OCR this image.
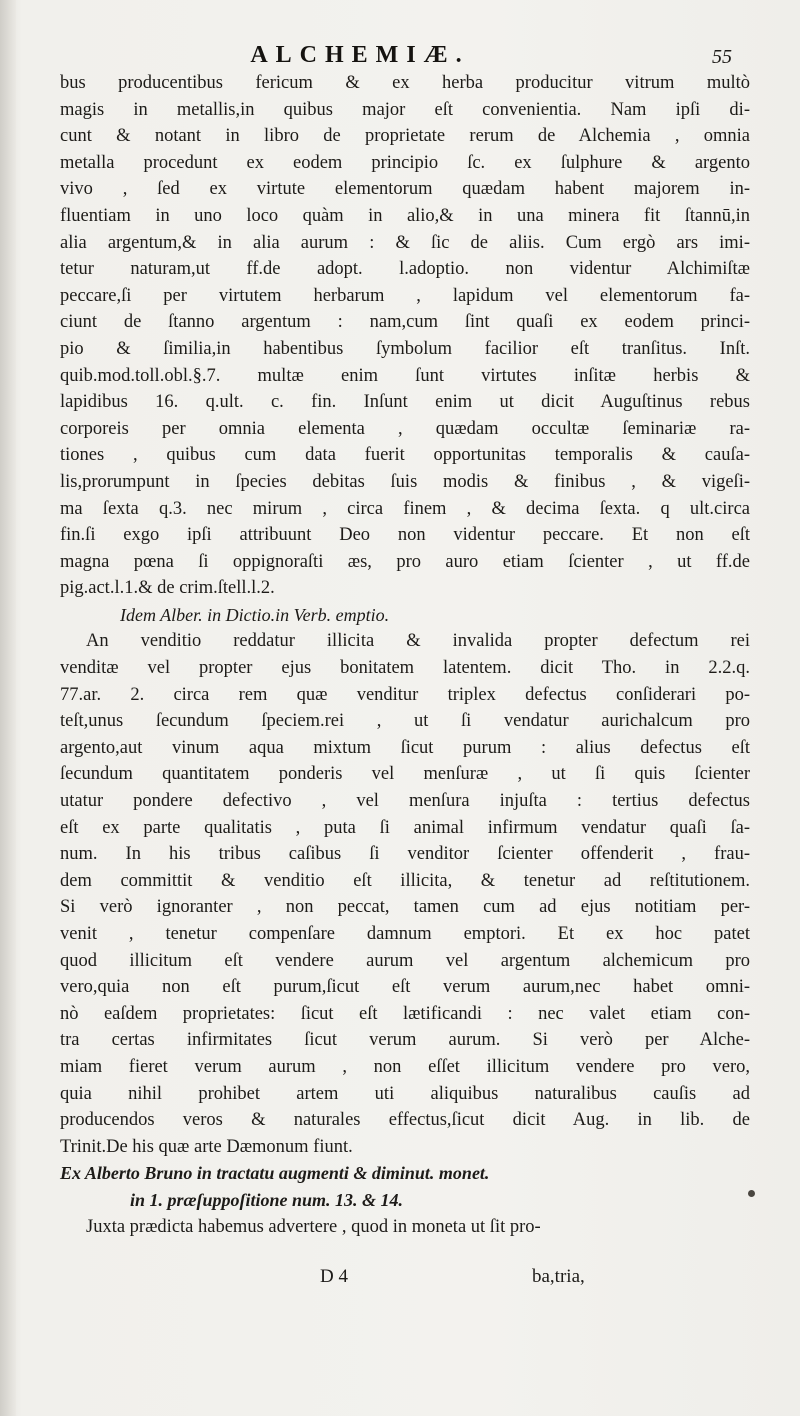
ALCHEMIÆ.	55
bus producentibus fericum & ex herba producitur vitrum multò
magis in metallis,in quibus major eſt convenientia. Nam ipſi di-
cunt & notant in libro de proprietate rerum de Alchemia , omnia
metalla procedunt ex eodem principio ſc. ex ſulphure & argento
vivo , ſed ex virtute elementorum quædam habent majorem in-
fluentiam in uno loco quàm in alio,& in una minera fit ſtannū,in
alia argentum,& in alia aurum : & ſic de aliis. Cum ergò ars imi-
tetur naturam,ut ff.de adopt. l.adoptio. non videntur Alchimiſtæ
peccare,ſi per virtutem herbarum , lapidum vel elementorum fa-
ciunt de ſtanno argentum : nam,cum ſint quaſi ex eodem princi-
pio & ſimilia,in habentibus ſymbolum facilior eſt tranſitus. Inſt.
quib.mod.toll.obl.§.7. multæ enim ſunt virtutes inſitæ herbis &
lapidibus 16. q.ult. c. fin. Inſunt enim ut dicit Auguſtinus rebus
corporeis per omnia elementa , quædam occultæ ſeminariæ ra-
tiones , quibus cum data fuerit opportunitas temporalis & cauſa-
lis,prorumpunt in ſpecies debitas ſuis modis & finibus , & vigeſi-
ma ſexta q.3. nec mirum , circa finem , & decima ſexta. q ult.circa
fin.ſi exgo ipſi attribuunt Deo non videntur peccare. Et non eſt
magna pœna ſi oppignoraſti æs, pro auro etiam ſcienter , ut ff.de
pig.act.l.1.& de crim.ſtell.l.2.
Idem Alber. in Dictio.in Verb. emptio.
An venditio reddatur illicita & invalida propter defectum rei
venditæ vel propter ejus bonitatem latentem. dicit Tho. in 2.2.q.
77.ar. 2. circa rem quæ venditur triplex defectus conſiderari po-
teſt,unus ſecundum ſpeciem.rei , ut ſi vendatur aurichalcum pro
argento,aut vinum aqua mixtum ſicut purum : alius defectus eſt
ſecundum quantitatem ponderis vel menſuræ , ut ſi quis ſcienter
utatur pondere defectivo , vel menſura injuſta : tertius defectus
eſt ex parte qualitatis , puta ſi animal infirmum vendatur quaſi ſa-
num. In his tribus caſibus ſi venditor ſcienter offenderit , frau-
dem committit & venditio eſt illicita, & tenetur ad reſtitutionem.
Si verò ignoranter , non peccat, tamen cum ad ejus notitiam per-
venit , tenetur compenſare damnum emptori. Et ex hoc patet
quod illicitum eſt vendere aurum vel argentum alchemicum pro
vero,quia non eſt purum,ſicut eſt verum aurum,nec habet omni-
nò eaſdem proprietates: ſicut eſt lætificandi : nec valet etiam con-
tra certas infirmitates ſicut verum aurum. Si verò per Alche-
miam fieret verum aurum , non eſſet illicitum vendere pro vero,
quia nihil prohibet artem uti aliquibus naturalibus cauſis ad
producendos veros & naturales effectus,ſicut dicit Aug. in lib. de
Trinit.De his quæ arte Dæmonum fiunt.
Ex Alberto Bruno in tractatu augmenti & diminut. monet.
in 1. præſuppoſitione num. 13. & 14.
Juxta prædicta habemus advertere , quod in moneta ut ſit pro-
D 4	ba,tria,
